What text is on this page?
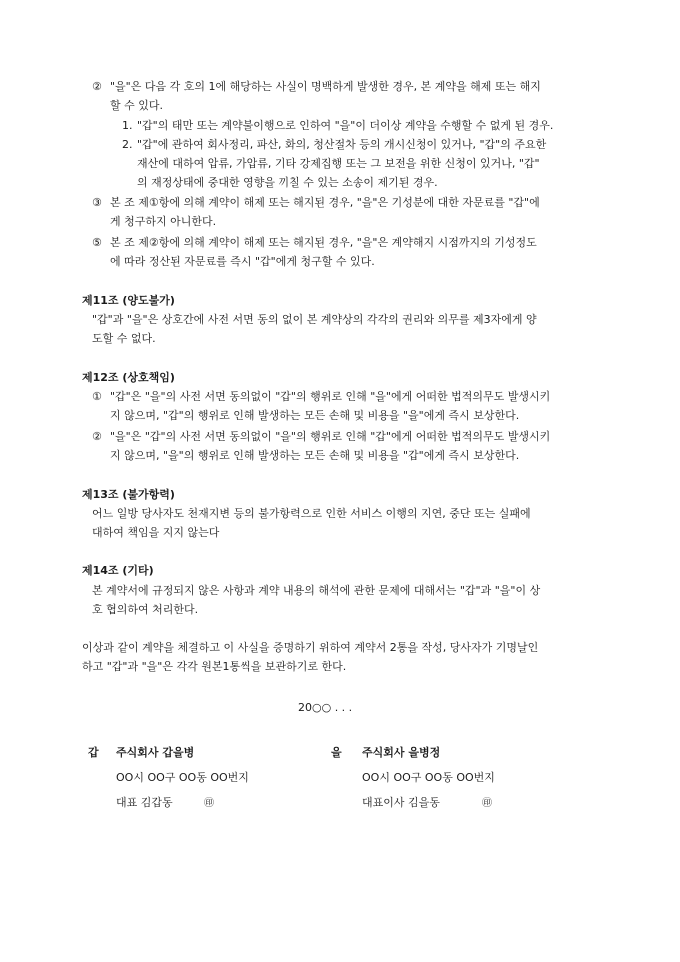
② "을"은 다음 각 호의 1에 해당하는 사실이 명백하게 발생한 경우, 본 계약을 해제 또는 해지
할 수 있다.
1. "갑"의 태만 또는 계약불이행으로 인하여 "을"이 더이상 계약을 수행할 수 없게 된 경우.
2. "갑"에 관하여 회사정리, 파산, 화의, 청산절차 등의 개시신청이 있거나, "갑"의 주요한
재산에 대하여 압류, 가압류, 기타 강제집행 또는 그 보전을 위한 신청이 있거나, "갑"
의 재정상태에 중대한 영향을 끼칠 수 있는 소송이 제기된 경우.
③ 본 조 제①항에 의해 계약이 해제 또는 해지된 경우, "을"은 기성분에 대한 자문료를 "갑"에
게 청구하지 아니한다.
⑤ 본 조 제②항에 의해 계약이 해제 또는 해지된 경우, "을"은 계약해지 시점까지의 기성정도
에 따라 정산된 자문료를 즉시 "갑"에게 청구할 수 있다.
제11조 (양도불가)
"갑"과 "을"은 상호간에 사전 서면 동의 없이 본 계약상의 각각의 권리와 의무를 제3자에게 양
도할 수 없다.
제12조 (상호책임)
① "갑"은 "을"의 사전 서면 동의없이 "갑"의 행위로 인해 "을"에게 어떠한 법적의무도 발생시키
지 않으며, "갑"의 행위로 인해 발생하는 모든 손해 및 비용을 "을"에게 즉시 보상한다.
② "을"은 "갑"의 사전 서면 동의없이 "을"의 행위로 인해 "갑"에게 어떠한 법적의무도 발생시키
지 않으며, "을"의 행위로 인해 발생하는 모든 손해 및 비용을 "갑"에게 즉시 보상한다.
제13조 (불가항력)
어느 일방 당사자도 천재지변 등의 불가항력으로 인한 서비스 이행의 지연, 중단 또는 실패에
대하여 책임을 지지 않는다
제14조 (기타)
본 계약서에 규정되지 않은 사항과 계약 내용의 해석에 관한 문제에 대해서는 "갑"과 "을"이 상
호 협의하여 처리한다.
이상과 같이 계약을 체결하고 이 사실을 증명하기 위하여 계약서 2통을 작성, 당사자가 기명날인
하고 "갑"과 "을"은 각각 원본1통씩을 보관하기로 한다.
20○○ . . .
갑 주식회사 갑을병
OO시 OO구 OO동 OO번지
대표 김갑동	㊞
을 주식회사 을병정
OO시 OO구 OO동 OO번지
대표이사 김을동	㊞
